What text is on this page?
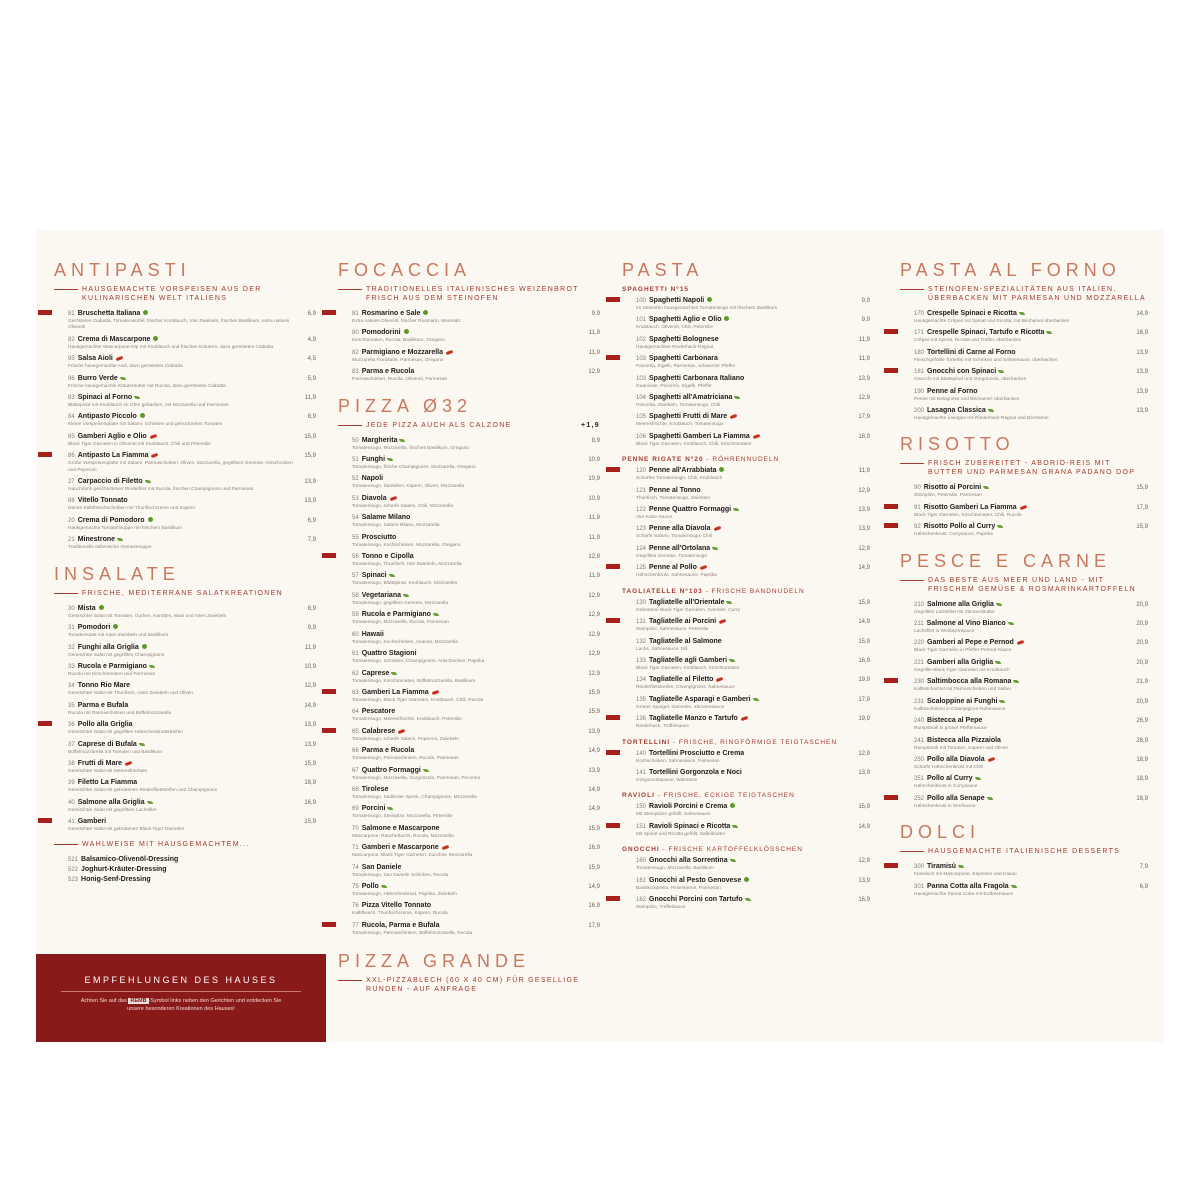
ANTIPASTI
HAUSGEMACHTE VORSPEISEN AUS DER KULINARISCHEN WELT ITALIENS
81 Bruschetta Italiana	6,9
Geröstetes Ciabatta, Tomatenwürfel, frischer Knoblauch, rote Zwiebeln, frisches Basilikum, extra natives Olivenöl
82 Crema di Mascarpone	4,9
Hausgemachter Mascarpone-Dip mit Knoblauch und frischen Kräutern, dazu geröstetes Ciabatta
95 Salsa Aioli	4,5
Frische hausgemachte Aioli, dazu geröstetes Ciabatta
96 Burro Verde	5,9
Frische hausgemachte Kräuterbutter mit Rucola, dazu geröstetes Ciabatta
83 Spinaci al Forno	11,9
Blattspinat mit Knoblauch im Ofen gebacken, mit Mozzarella und Parmesan
84 Antipasto Piccolo	8,9
Kleine Vorspeisenplatte mit Salami, Schinken und getrockneten Tomaten
85 Gamberi Aglio e Olio	15,9
Black Tiger Garnelen in Olivenöl mit Knoblauch, Chili und Petersilie
86 Antipasto La Fiamma	15,9
Große Vorspeisenplatte mit Salami, Parmaschinken, Oliven, Mozzarella, gegrilltem Gemüse, Artischocken und Peperoni
27 Carpaccio di Filetto	13,9
Hauchdünn geschnittenes Rinderfilet mit Rucola, frischen Champignons und Parmesan
88 Vitello Tonnato	13,9
Dünne Kalbfleischscheiben mit Thunfischcreme und Kapern
20 Crema di Pomodoro	6,9
Hausgemachte Tomatensuppe mit frischem Basilikum
21 Minestrone	7,9
Traditionelle italienische Gemüsesuppe
INSALATE
FRISCHE, MEDITERRANE SALATKREATIONEN
30 Mista	8,9
Gemischter Salat mit Tomaten, Gurken, Karotten, Mais und roten Zwiebeln
31 Pomodori	9,9
Tomatensalat mit roten Zwiebeln und Basilikum
32 Funghi alla Griglia	11,9
Gemischter Salat mit gegrillten Champignons
33 Rucola e Parmigiano	10,9
Rucola mit Kirschtomaten und Parmesan
34 Tonno Rio Mare	12,9
Gemischter Salat mit Thunfisch, roten Zwiebeln und Oliven
35 Parma e Bufala	14,9
Rucola mit Parmaschinken und Büffelmozzarella
36 Pollo alla Griglia	13,9
Gemischter Salat mit gegrillten Hähnchenbruststreifen
37 Caprese di Bufala	13,9
Büffelmozzarella mit Tomaten und Basilikum
38 Frutti di Mare	15,9
Gemischter Salat mit Meeresfrüchten
39 Filetto La Fiamma	18,9
Gemischter Salat mit gebratenen Rinderfiletstreifen und Champignons
40 Salmone alla Griglia	16,9
Gemischter Salat mit gegrilltem Lachsfilet
41 Gamberi	15,9
Gemischter Salat mit gebratenen Black Tiger Garnelen
WAHLWEISE MIT HAUSGEMACHTEM...
521 Balsamico-Olivenöl-Dressing
522 Joghurt-Kräuter-Dressing
523 Honig-Senf-Dressing
EMPFEHLUNGEN DES HAUSES
Achten Sie auf das REMB -Symbol links neben den Gerichten und entdecken Sie unsere besonderen Kreationen des Hauses!
FOCACCIA
TRADITIONELLES ITALIENISCHES WEIZENBROT FRISCH AUS DEM STEINOFEN
81 Rosmarino e Sale	9,9
Extra natives Olivenöl, frischer Rosmarin, Meersalz
80 Pomodorini	11,9
Kirschtomaten, Rucola, Basilikum, Oregano
82 Parmigiano e Mozzarella	11,9
Mozzarella Fiordilatte, Parmesan, Oregano
83 Parma e Rucola	12,9
Parmaschinken, Rucola, Olivenöl, Parmesan
PIZZA Ø32
JEDE PIZZA AUCH ALS CALZONE	+1,9
50 Margherita	8,9
Tomatensugo, Mozzarella, frisches Basilikum, Oregano
51 Funghi	10,9
Tomatensugo, frische Champignons, Mozzarella, Oregano
52 Napoli	10,9
Tomatensugo, Sardellen, Kapern, Oliven, Mozzarella
53 Diavola	10,9
Tomatensugo, scharfe Salami, Chili, Mozzarella
54 Salame Milano	11,9
Tomatensugo, Salami Milano, Mozzarella
55 Prosciutto	11,9
Tomatensugo, Kochschinken, Mozzarella, Oregano
56 Tonno e Cipolla	12,9
Tomatensugo, Thunfisch, rote Zwiebeln, Mozzarella
57 Spinaci	11,9
Tomatensugo, Blattspinat, Knoblauch, Mozzarella
58 Vegetariana	12,9
Tomatensugo, gegrilltes Gemüse, Mozzarella
59 Rucola e Parmigiano	12,9
Tomatensugo, Mozzarella, Rucola, Parmesan
60 Hawaii	12,9
Tomatensugo, Kochschinken, Ananas, Mozzarella
61 Quattro Stagioni	12,9
Tomatensugo, Schinken, Champignons, Artischocken, Paprika
62 Caprese	12,9
Tomatensugo, Kirschtomaten, Büffelmozzarella, Basilikum
63 Gamberi La Fiamma	15,9
Tomatensugo, Black Tiger Garnelen, Knoblauch, Chili, Rucola
64 Pescatore	15,9
Tomatensugo, Meeresfrüchte, Knoblauch, Petersilie
65 Calabrese	13,9
Tomatensugo, scharfe Salami, Peperoni, Zwiebeln
66 Parma e Rucola	14,9
Tomatensugo, Parmaschinken, Rucola, Parmesan
67 Quattro Formaggi	13,9
Tomatensugo, Mozzarella, Gorgonzola, Parmesan, Pecorino
68 Tirolese	14,9
Tomatensugo, Südtiroler Speck, Champignons, Mozzarella
69 Porcini	14,9
Tomatensugo, Steinpilze, Mozzarella, Petersilie
70 Salmone e Mascarpone	15,9
Mascarpone, Räucherlachs, Rucola, Mozzarella
71 Gamberi e Mascarpone	16,9
Mascarpone, Black Tiger Garnelen, Zucchini, Mozzarella
74 San Daniele	15,9
Tomatensugo, San Daniele Schinken, Rucola
75 Pollo	14,9
Tomatensugo, Hähnchenbrust, Paprika, Zwiebeln
76 Pizza Vitello Tonnato	16,9
Kalbfleisch, Thunfischcreme, Kapern, Rucola
77 Rucola, Parma e Bufala	17,9
Tomatensugo, Parmaschinken, Büffelmozzarella, Rucola
PIZZA GRANDE
XXL-PIZZABLECH (60 X 40 CM) FÜR GESELLIGE RUNDEN - AUF ANFRAGE
PASTA
SPAGHETTI N°15
100 Spaghetti Napoli	9,9
Im Steinofen hausgemachtes Tomatensugo mit frischem Basilikum
101 Spaghetti Aglio e Olio	9,9
Knoblauch, Olivenöl, Chili, Petersilie
102 Spaghetti Bolognese	11,9
Hausgemachtes Rinderhack-Ragout
103 Spaghetti Carbonara	11,9
Pancetta, Eigelb, Parmesan, schwarzer Pfeffer
103 Spaghetti Carbonara Italiano	13,9
Guanciale, Pecorino, Eigelb, Pfeffer
104 Spaghetti all'Amatriciana	12,9
Pancetta, Zwiebeln, Tomatensugo, Chili
105 Spaghetti Frutti di Mare	17,9
Meeresfrüchte, Knoblauch, Tomatensugo
106 Spaghetti Gamberi La Fiamma	18,9
Black Tiger Garnelen, Knoblauch, Chili, Kirschtomaten
PENNE RIGATE N°20 - RÖHRENNUDELN
120 Penne all'Arrabbiata	11,9
Scharfes Tomatensugo, Chili, Knoblauch
121 Penne al Tonno	12,9
Thunfisch, Tomatensugo, Zwiebeln
122 Penne Quattro Formaggi	13,9
Vier-Käse-Sauce
123 Penne alla Diavola	13,9
Scharfe Salami, Tomatensugo, Chili
124 Penne all'Ortolana	12,9
Gegrilltes Gemüse, Tomatensugo
125 Penne al Pollo	14,9
Hähnchenbrust, Sahnesauce, Paprika
TAGLIATELLE N°103 - FRISCHE BANDNUDELN
130 Tagliatelle all'Orientale	15,9
Gebratene Black Tiger Garnelen, Gemüse, Curry
131 Tagliatelle ai Porcini	14,9
Steinpilze, Sahnesauce, Petersilie
132 Tagliatelle al Salmone	15,9
Lachs, Sahnesauce, Dill
133 Tagliatelle agli Gamberi	16,9
Black Tiger Garnelen, Knoblauch, Kirschtomaten
134 Tagliatelle al Filetto	19,9
Rinderfiletstreifen, Champignons, Sahnesauce
135 Tagliatelle Asparagi e Gamberi	17,9
Grüner Spargel, Garnelen, Zitronensauce
136 Tagliatelle Manzo e Tartufo	19,9
Rinderhack, Trüffelsauce
TORTELLINI - FRISCHE, RINGFÖRMIGE TEIGTASCHEN
140 Tortellini Prosciutto e Crema	12,9
Kochschinken, Sahnesauce, Parmesan
141 Tortellini Gorgonzola e Noci	13,9
Gorgonzolasauce, Walnüsse
RAVIOLI - FRISCHE, ECKIGE TEIGTASCHEN
150 Ravioli Porcini e Crema	15,9
Mit Steinpilzen gefüllt, Sahnesauce
151 Ravioli Spinaci e Ricotta	14,9
Mit Spinat und Ricotta gefüllt, Salbeibutter
GNOCCHI - FRISCHE KARTOFFELKLÖSSCHEN
160 Gnocchi alla Sorrentina	12,9
Tomatensugo, Mozzarella, Basilikum
161 Gnocchi al Pesto Genovese	13,9
Basilikumpesto, Pinienkerne, Parmesan
162 Gnocchi Porcini con Tartufo	16,9
Steinpilze, Trüffelsauce
PASTA AL FORNO
STEINOFEN-SPEZIALITÄTEN AUS ITALIEN, ÜBERBACKEN MIT PARMESAN UND MOZZARELLA
170 Crespelle Spinaci e Ricotta	14,9
Hausgemachte Crêpes mit Spinat und Ricotta, mit Béchamel überbacken
171 Crespelle Spinaci, Tartufo e Ricotta	16,9
Crêpes mit Spinat, Ricotta und Trüffel, überbacken
180 Tortellini di Carne al Forno	13,9
Fleischgefüllte Tortellini mit Schinken und Sahnesauce, überbacken
181 Gnocchi con Spinaci	13,9
Gnocchi mit Blattspinat und Gorgonzola, überbacken
190 Penne al Forno	13,9
Penne mit Bolognese und Béchamel, überbacken
200 Lasagna Classica	13,9
Hausgemachte Lasagne mit Rinderhack-Ragout und Béchamel
RISOTTO
FRISCH ZUBEREITET - ABORIO-REIS MIT BUTTER UND PARMESAN GRANA PADANO DOP
90 Risotto ai Porcini	15,9
Steinpilze, Petersilie, Parmesan
91 Risotto Gamberi La Fiamma	17,9
Black Tiger Garnelen, Kirschtomaten, Chili, Rucola
92 Risotto Pollo al Curry	15,9
Hähnchenbrust, Currysauce, Paprika
PESCE E CARNE
DAS BESTE AUS MEER UND LAND - MIT FRISCHEM GEMÜSE & ROSMARINKARTOFFELN
210 Salmone alla Griglia	20,9
Gegrilltes Lachsfilet mit Zitronenbutter
211 Salmone al Vino Bianco	20,9
Lachsfilet in Weißweinsauce
220 Gamberi al Pepe e Pernod	20,9
Black Tiger Garnelen in Pfeffer-Pernod-Sauce
221 Gamberi alla Griglia	20,9
Gegrillte Black Tiger Garnelen mit Knoblauch
230 Saltimbocca alla Romana	21,9
Kalbsschnitzel mit Parmaschinken und Salbei
231 Scaloppine ai Funghi	20,9
Kalbsschnitzel in Champignon-Rahmsauce
240 Bistecca al Pepe	26,9
Rumpsteak in grüner Pfeffersauce
241 Bistecca alla Pizzaiola	26,9
Rumpsteak mit Tomaten, Kapern und Oliven
250 Pollo alla Diavola	18,9
Scharfe Hähnchenbrust mit Chili
251 Pollo al Curry	18,9
Hähnchenbrust in Currysauce
252 Pollo alla Senape	18,9
Hähnchenbrust in Senfsauce
DOLCI
HAUSGEMACHTE ITALIENISCHE DESSERTS
300 Tiramisù	7,9
Klassisch mit Mascarpone, Espresso und Kakao
301 Panna Cotta alla Fragola	6,9
Hausgemachte Panna Cotta mit Erdbeersauce
